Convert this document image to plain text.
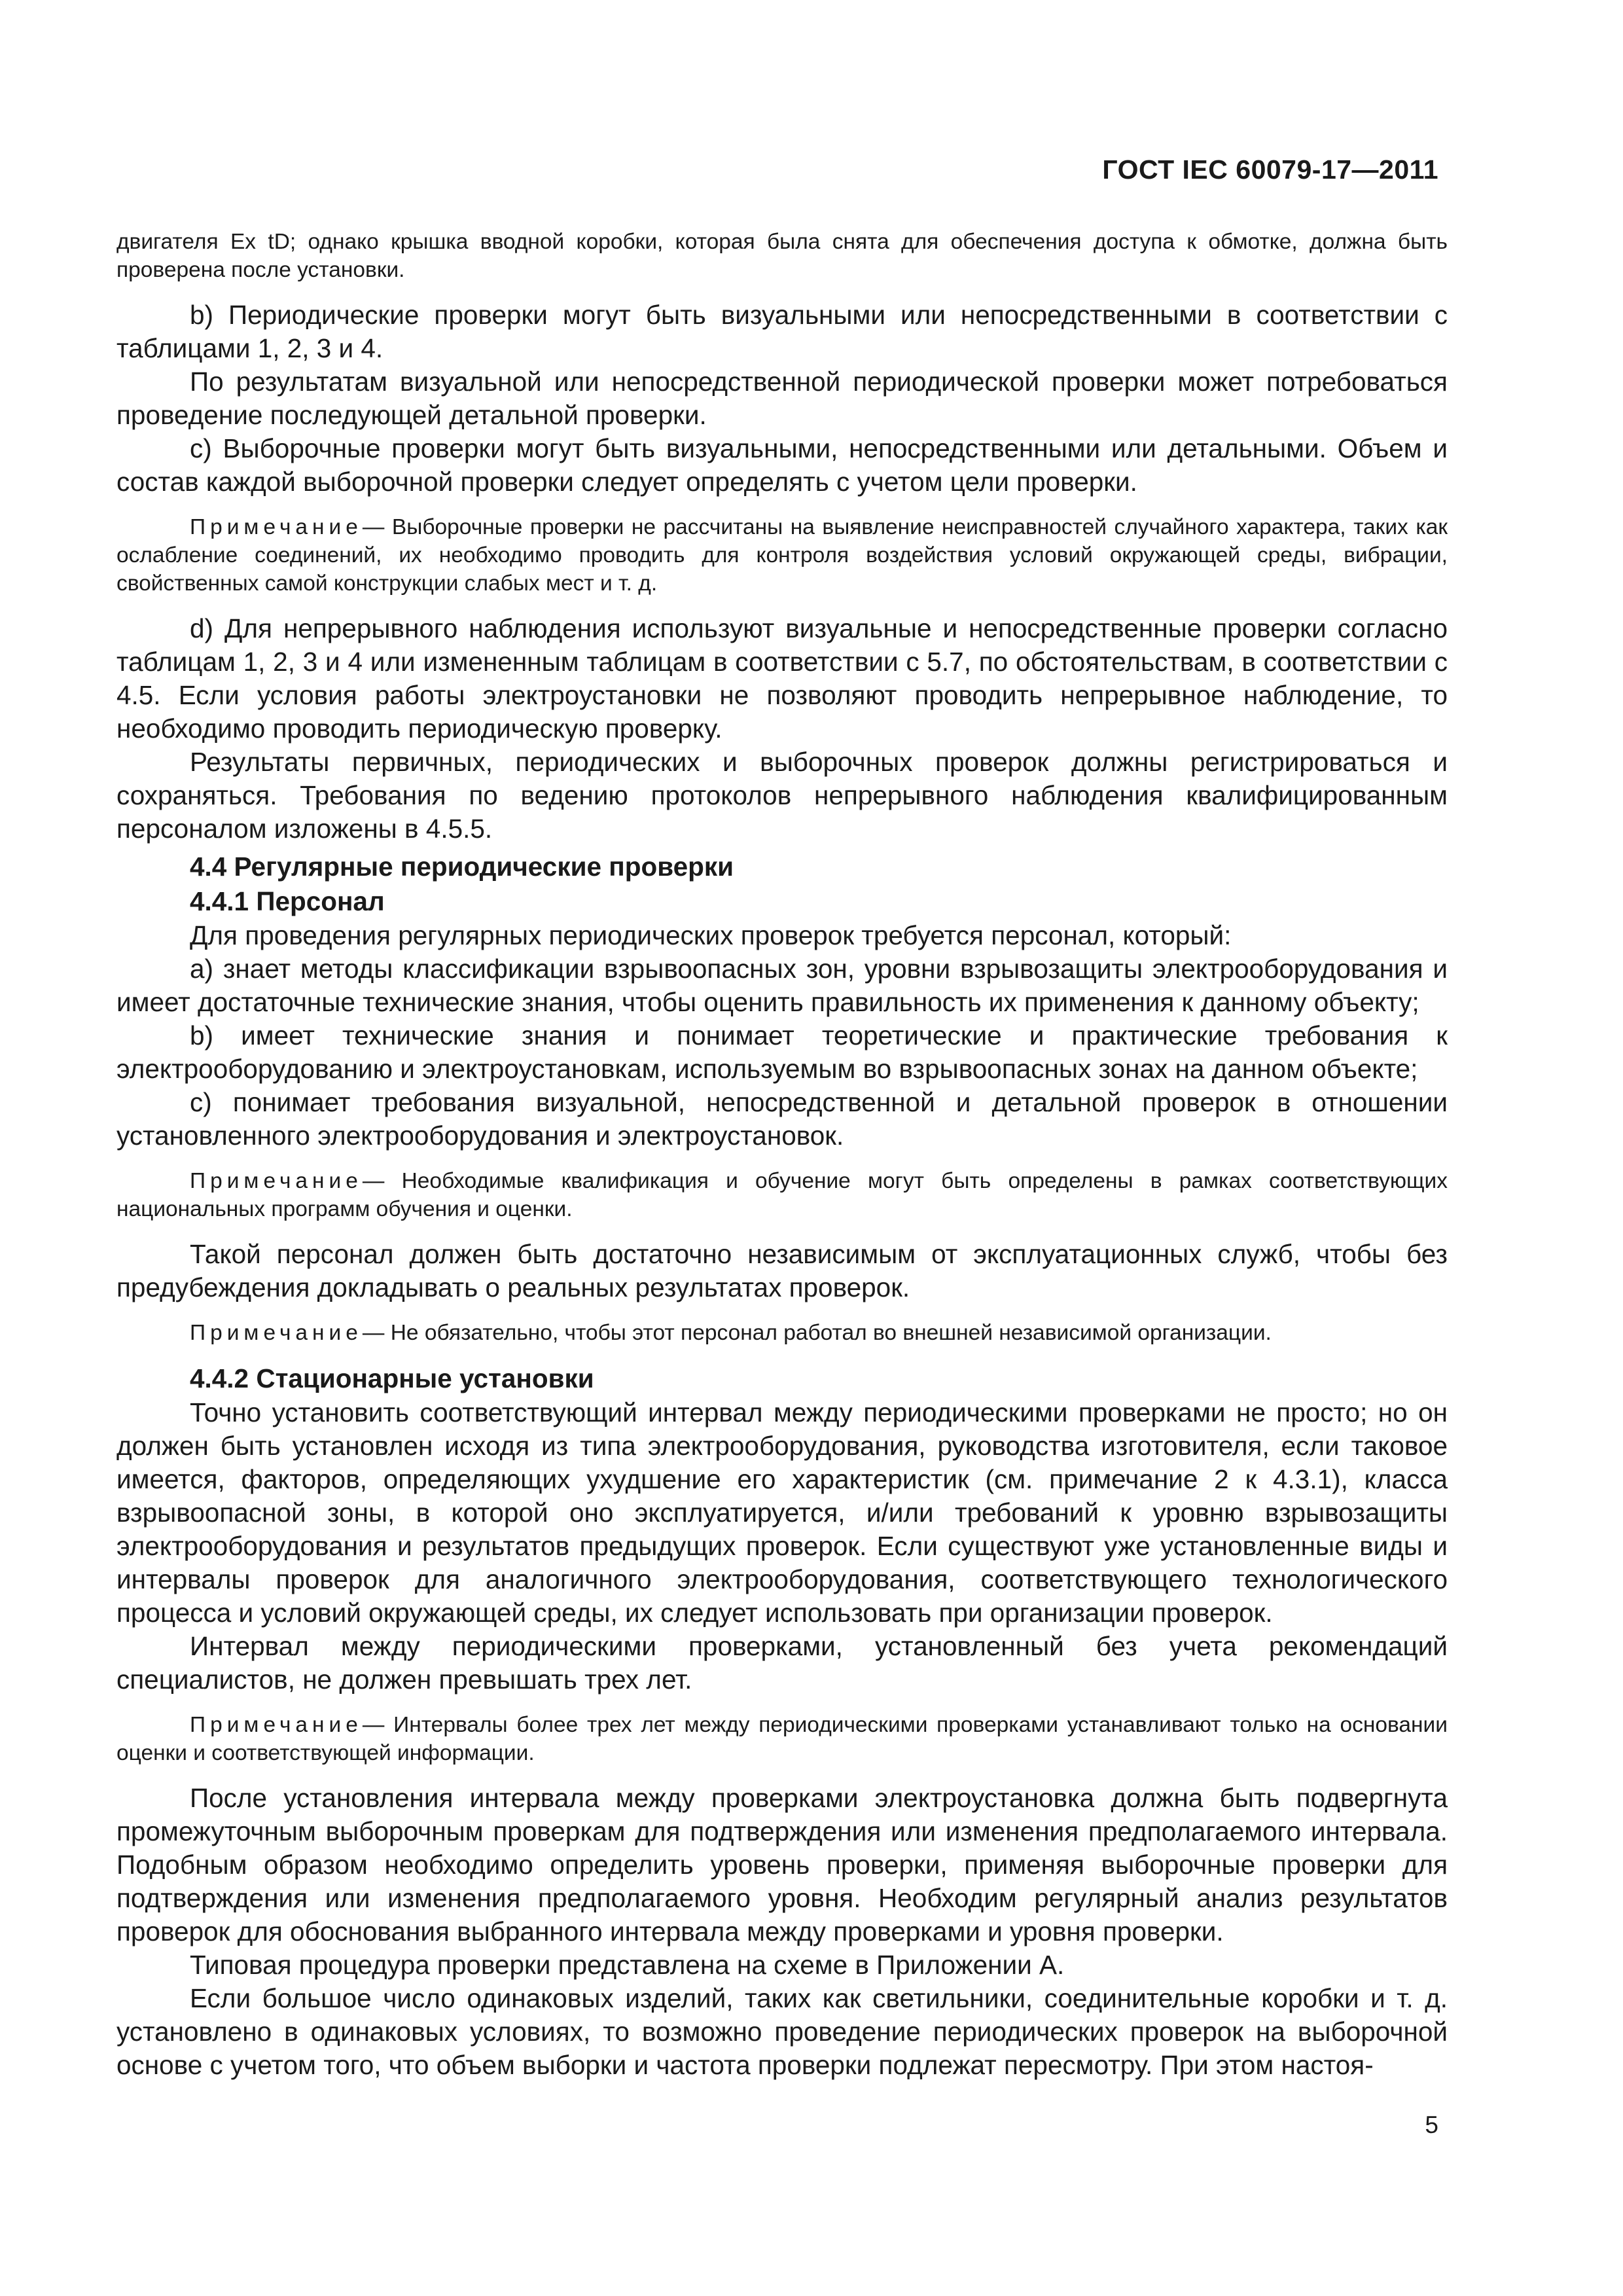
ГОСТ IEC 60079-17—2011

двигателя Ex tD; однако крышка вводной коробки, которая была снята для обеспечения доступа к обмотке, должна быть проверена после установки.

b) Периодические проверки могут быть визуальными или непосредственными в соответствии с таблицами 1, 2, 3 и 4.

По результатам визуальной или непосредственной периодической проверки может потребоваться проведение последующей детальной проверки.

c) Выборочные проверки могут быть визуальными, непосредственными или детальными. Объем и состав каждой выборочной проверки следует определять с учетом цели проверки.

Примечание— Выборочные проверки не рассчитаны на выявление неисправностей случайного характера, таких как ослабление соединений, их необходимо проводить для контроля воздействия условий окружающей среды, вибрации, свойственных самой конструкции слабых мест и т. д.

d) Для непрерывного наблюдения используют визуальные и непосредственные проверки согласно таблицам 1, 2, 3 и 4 или измененным таблицам в соответствии с 5.7, по обстоятельствам, в соответствии с 4.5. Если условия работы электроустановки не позволяют проводить непрерывное наблюдение, то необходимо проводить периодическую проверку.

Результаты первичных, периодических и выборочных проверок должны регистрироваться и сохраняться. Требования по ведению протоколов непрерывного наблюдения квалифицированным персоналом изложены в 4.5.5.

4.4 Регулярные периодические проверки

4.4.1 Персонал

Для проведения регулярных периодических проверок требуется персонал, который:

a) знает методы классификации взрывоопасных зон, уровни взрывозащиты электрооборудования и имеет достаточные технические знания, чтобы оценить правильность их применения к данному объекту;

b) имеет технические знания и понимает теоретические и практические требования к электрооборудованию и электроустановкам, используемым во взрывоопасных зонах на данном объекте;

c) понимает требования визуальной, непосредственной и детальной проверок в отношении установленного электрооборудования и электроустановок.

Примечание— Необходимые квалификация и обучение могут быть определены в рамках соответствующих национальных программ обучения и оценки.

Такой персонал должен быть достаточно независимым от эксплуатационных служб, чтобы без предубеждения докладывать о реальных результатах проверок.

Примечание— Не обязательно, чтобы этот персонал работал во внешней независимой организации.

4.4.2 Стационарные установки

Точно установить соответствующий интервал между периодическими проверками не просто; но он должен быть установлен исходя из типа электрооборудования, руководства изготовителя, если таковое имеется, факторов, определяющих ухудшение его характеристик (см. примечание 2 к 4.3.1), класса взрывоопасной зоны, в которой оно эксплуатируется, и/или требований к уровню взрывозащиты электрооборудования и результатов предыдущих проверок. Если существуют уже установленные виды и интервалы проверок для аналогичного электрооборудования, соответствующего технологического процесса и условий окружающей среды, их следует использовать при организации проверок.

Интервал между периодическими проверками, установленный без учета рекомендаций специалистов, не должен превышать трех лет.

Примечание— Интервалы более трех лет между периодическими проверками устанавливают только на основании оценки и соответствующей информации.

После установления интервала между проверками электроустановка должна быть подвергнута промежуточным выборочным проверкам для подтверждения или изменения предполагаемого интервала. Подобным образом необходимо определить уровень проверки, применяя выборочные проверки для подтверждения или изменения предполагаемого уровня. Необходим регулярный анализ результатов проверок для обоснования выбранного интервала между проверками и уровня проверки.

Типовая процедура проверки представлена на схеме в Приложении А.

Если большое число одинаковых изделий, таких как светильники, соединительные коробки и т. д. установлено в одинаковых условиях, то возможно проведение периодических проверок на выборочной основе с учетом того, что объем выборки и частота проверки подлежат пересмотру. При этом настоя-

5
